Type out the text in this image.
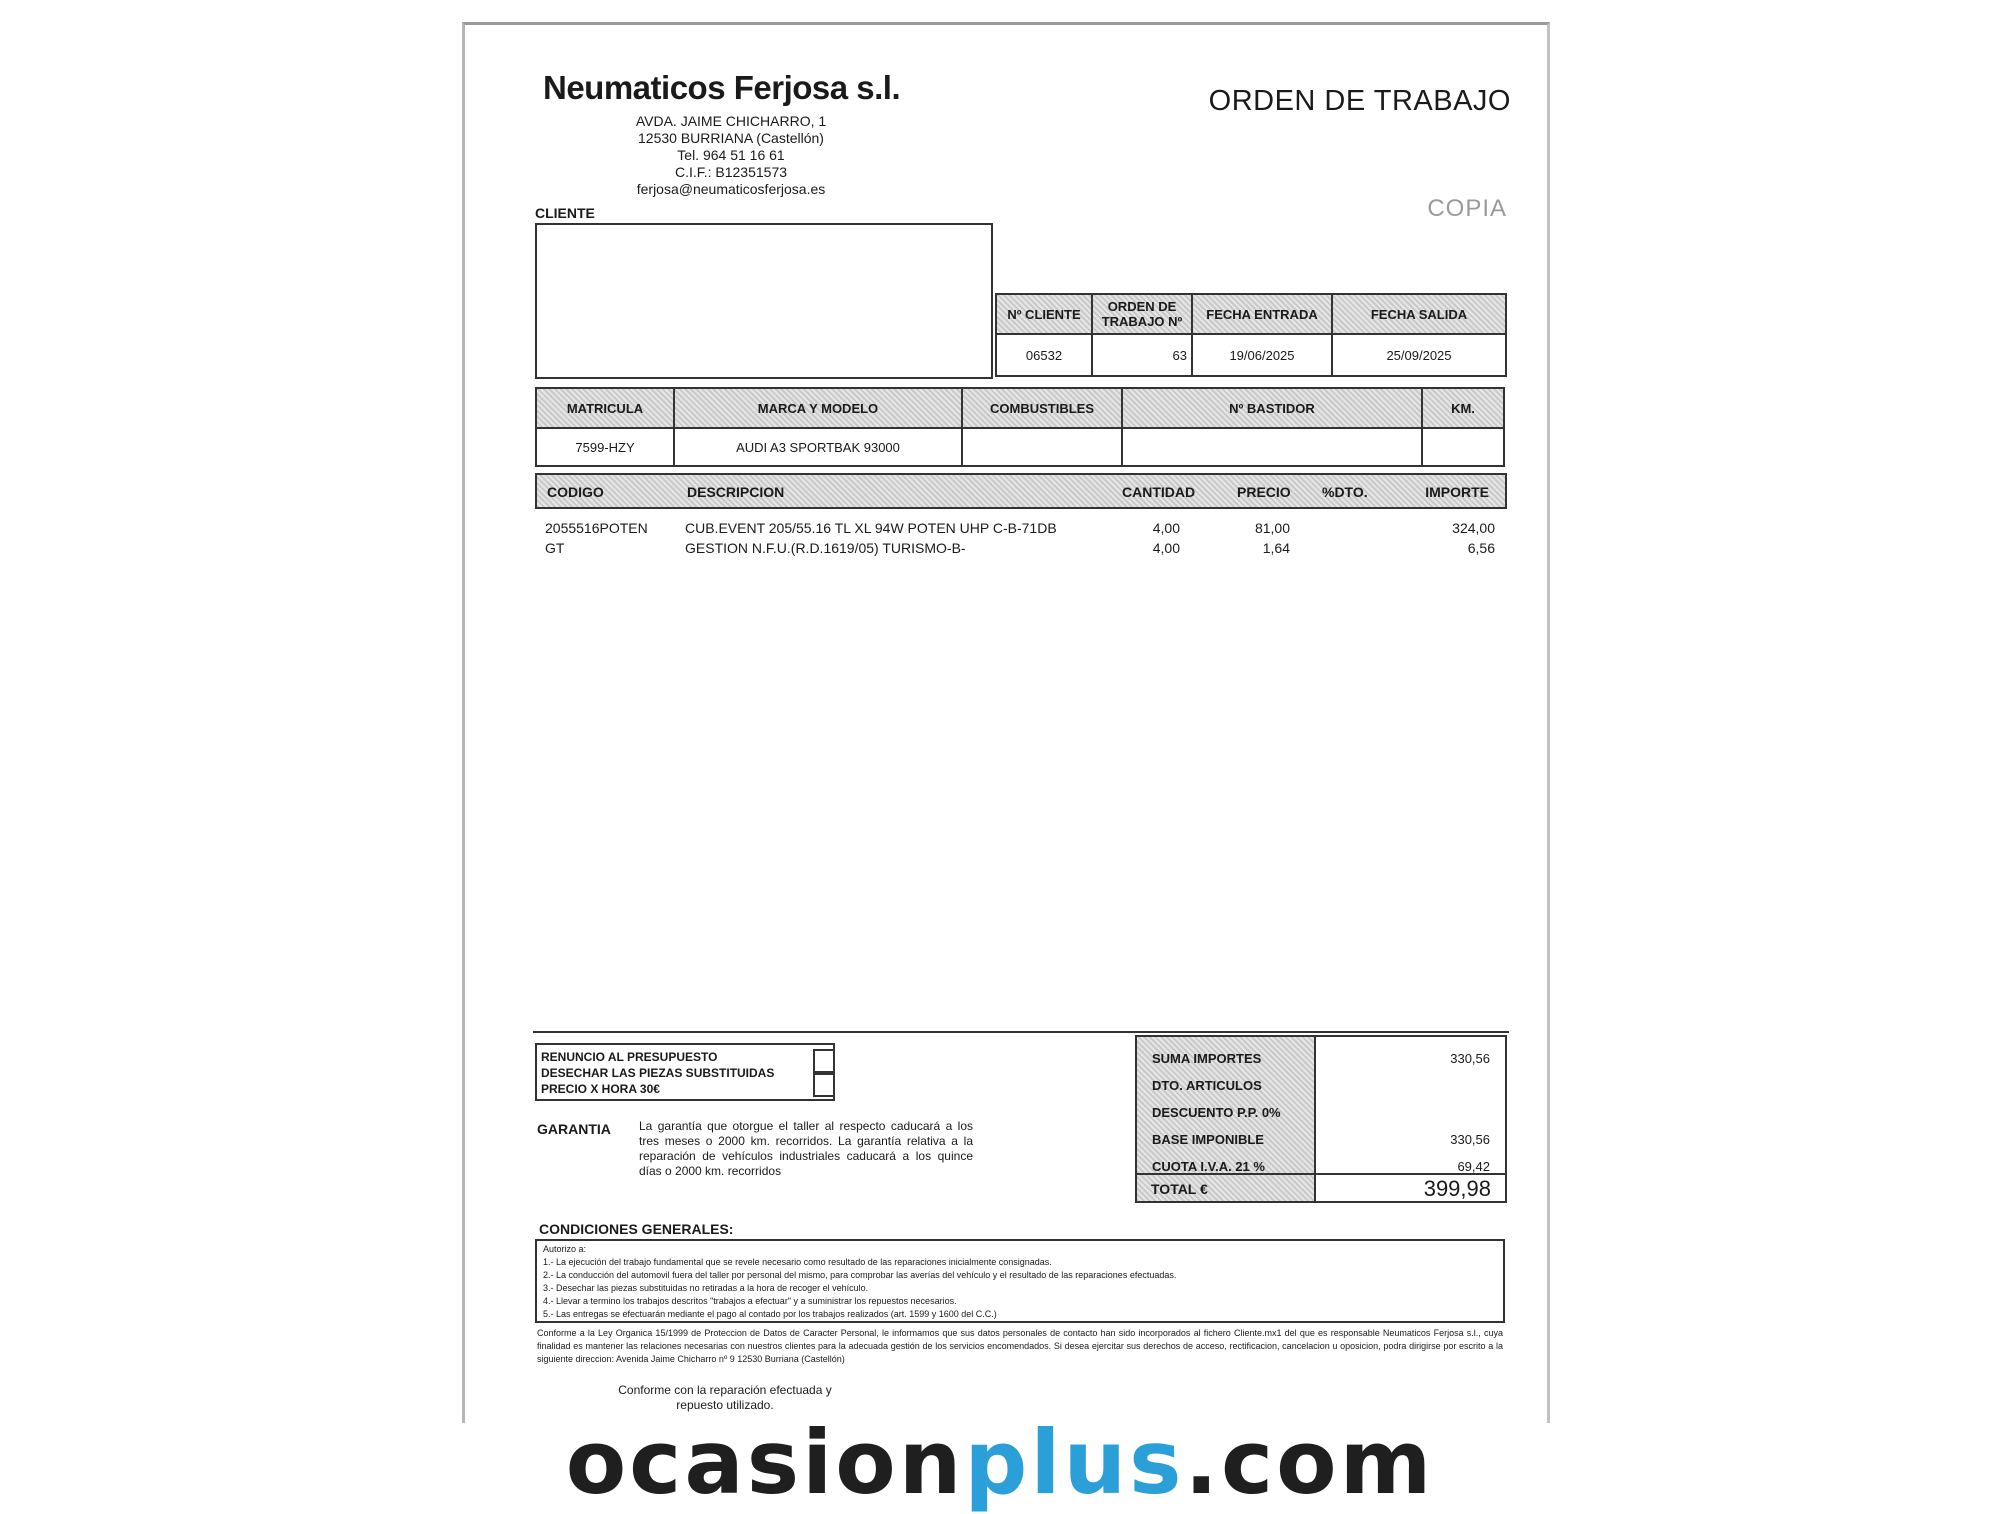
Neumaticos Ferjosa s.l.
AVDA. JAIME CHICHARRO, 1
12530 BURRIANA (Castellón)
Tel. 964 51 16 61
C.I.F.: B12351573
ferjosa@neumaticosferjosa.es
ORDEN DE TRABAJO
COPIA
CLIENTE
Nº CLIENTE	ORDEN DE TRABAJO Nº	FECHA ENTRADA	FECHA SALIDA
06532	63	19/06/2025	25/09/2025
MATRICULA	MARCA Y MODELO	COMBUSTIBLES	Nº BASTIDOR	KM.
7599-HZY	AUDI A3 SPORTBAK 93000			
CODIGO	DESCRIPCION	CANTIDAD	PRECIO %DTO.	IMPORTE
2055516POTEN	CUB.EVENT 205/55.16 TL XL 94W POTEN UHP C-B-71DB	4,00	81,00	324,00
GT	GESTION N.F.U.(R.D.1619/05) TURISMO-B-	4,00	1,64	6,56
RENUNCIO AL PRESUPUESTO
DESECHAR LAS PIEZAS SUBSTITUIDAS
PRECIO X HORA 30€
GARANTIA La garantía que otorgue el taller al respecto caducará a los tres meses o 2000 km. recorridos. La garantía relativa a la reparación de vehículos industriales caducará a los quince días o 2000 km. recorridos
SUMA IMPORTES	330,56
DTO. ARTICULOS	
DESCUENTO P.P. 0%	
BASE IMPONIBLE	330,56
CUOTA I.V.A. 21 %	69,42
TOTAL €	399,98
CONDICIONES GENERALES:
Autorizo a:
1.- La ejecución del trabajo fundamental que se revele necesario como resultado de las reparaciones inicialmente consignadas.
2.- La conducción del automovil fuera del taller por personal del mismo, para comprobar las averías del vehículo y el resultado de las reparaciones efectuadas.
3.- Desechar las piezas substituidas no retiradas a la hora de recoger el vehículo.
4.- Llevar a termino los trabajos descritos "trabajos a efectuar" y a suministrar los repuestos necesarios.
5.- Las entregas se efectuarán mediante el pago al contado por los trabajos realizados (art. 1599 y 1600 del C.C.)
Conforme a la Ley Organica 15/1999 de Proteccion de Datos de Caracter Personal, le informamos que sus datos personales de contacto han sido incorporados al fichero Cliente.mx1 del que es responsable Neumaticos Ferjosa s.l., cuya finalidad es mantener las relaciones necesarias con nuestros clientes para la adecuada gestión de los servicios encomendados. Si desea ejercitar sus derechos de acceso, rectificacion, cancelacion u oposicion, podra dirigirse por escrito a la siguiente direccion: Avenida Jaime Chicharro nº 9 12530 Burriana (Castellón)
Conforme con la reparación efectuada y
repuesto utilizado.
ocasionplus.com
